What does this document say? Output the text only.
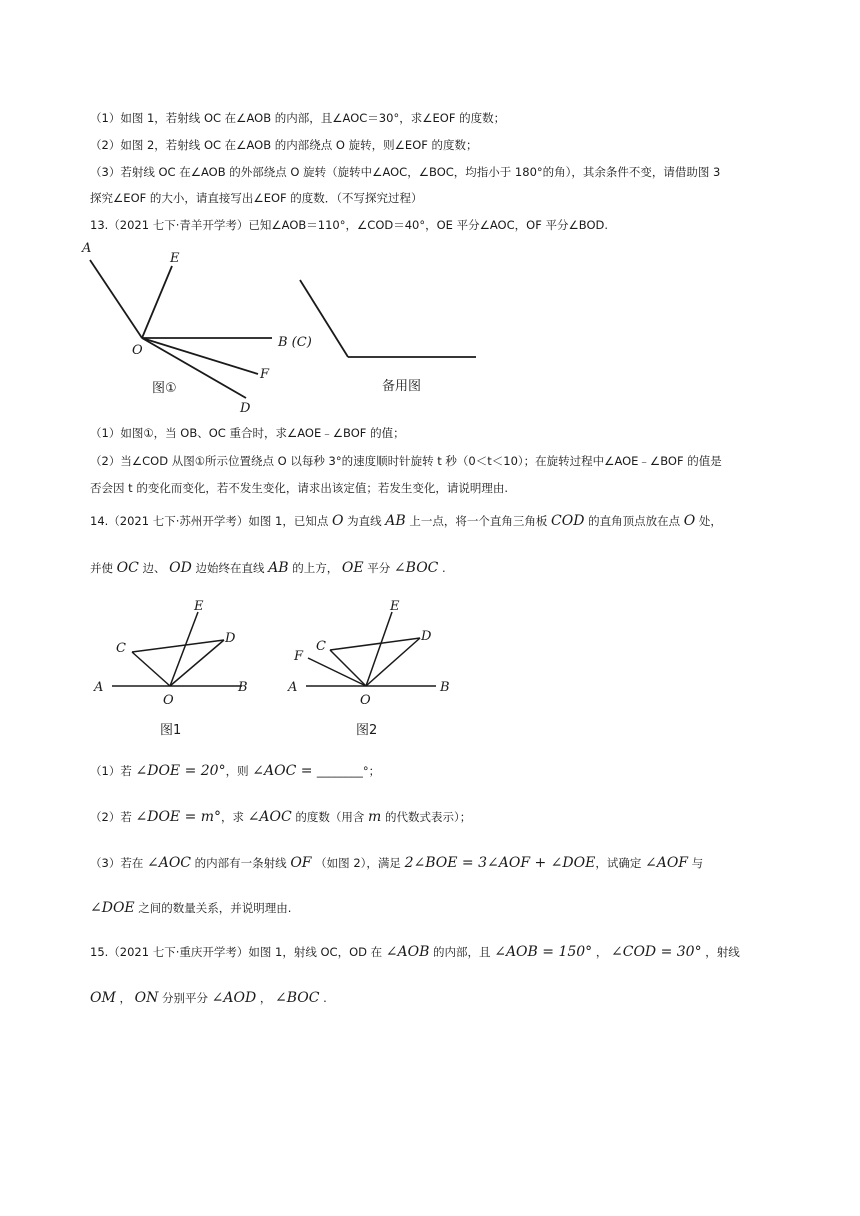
（1）如图 1，若射线 OC 在∠AOB 的内部，且∠AOC＝30°，求∠EOF 的度数；
（2）如图 2，若射线 OC 在∠AOB 的内部绕点 O 旋转，则∠EOF 的度数；
（3）若射线 OC 在∠AOB 的外部绕点 O 旋转（旋转中∠AOC，∠BOC，均指小于 180°的角），其余条件不变，请借助图 3
探究∠EOF 的大小，请直接写出∠EOF 的度数．（不写探究过程）
13.（2021 七下·青羊开学考）已知∠AOB＝110°，∠COD＝40°，OE 平分∠AOC，OF 平分∠BOD.
A
E
O
B (C)
F
D
图①	备用图
（1）如图①，当 OB、OC 重合时，求∠AOE﹣∠BOF 的值；
（2）当∠COD 从图①所示位置绕点 O 以每秒 3°的速度顺时针旋转 t 秒（0＜t＜10）；在旋转过程中∠AOE﹣∠BOF 的值是
否会因 t 的变化而变化，若不发生变化，请求出该定值；若发生变化，请说明理由.
14.（2021 七下·苏州开学考）如图 1，已知点 O 为直线 AB 上一点，将一个直角三角板 COD 的直角顶点放在点 O 处，
并使 OC 边、 OD 边始终在直线 AB 的上方， OE 平分 ∠BOC .
E
C
D
A
O
B
图1
E
F
C
D
A
O
B
图2
（1）若 ∠DOE = 20°，则 ∠AOC = ________°；
（2）若 ∠DOE = m°，求 ∠AOC 的度数（用含 m 的代数式表示）；
（3）若在 ∠AOC 的内部有一条射线 OF （如图 2），满足 2∠BOE = 3∠AOF + ∠DOE，试确定 ∠AOF 与
∠DOE 之间的数量关系，并说明理由.
15.（2021 七下·重庆开学考）如图 1，射线 OC，OD 在 ∠AOB 的内部，且 ∠AOB = 150° ， ∠COD = 30° ，射线
OM ， ON 分别平分 ∠AOD ， ∠BOC .
